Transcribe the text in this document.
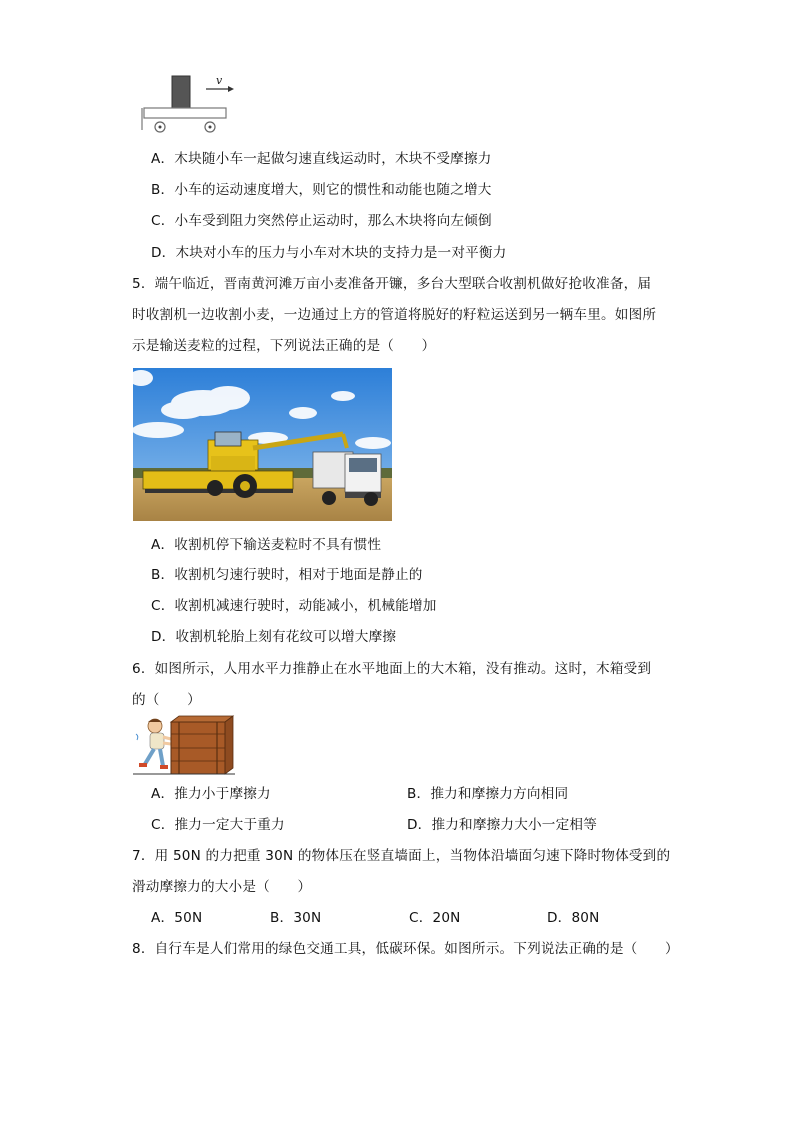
v
A．木块随小车一起做匀速直线运动时，木块不受摩擦力
B．小车的运动速度增大，则它的惯性和动能也随之增大
C．小车受到阻力突然停止运动时，那么木块将向左倾倒
D．木块对小车的压力与小车对木块的支持力是一对平衡力
5．端午临近，晋南黄河滩万亩小麦准备开镰，多台大型联合收割机做好抢收准备，届
时收割机一边收割小麦，一边通过上方的管道将脱好的籽粒运送到另一辆车里。如图所
示是输送麦粒的过程，下列说法正确的是（　　）
A．收割机停下输送麦粒时不具有惯性
B．收割机匀速行驶时，相对于地面是静止的
C．收割机减速行驶时，动能减小，机械能增加
D．收割机轮胎上刻有花纹可以增大摩擦
6．如图所示，人用水平力推静止在水平地面上的大木箱，没有推动。这时，木箱受到
的（　　）
A．推力小于摩擦力	B．推力和摩擦力方向相同
C．推力一定大于重力	D．推力和摩擦力大小一定相等
7．用 50N 的力把重 30N 的物体压在竖直墙面上，当物体沿墙面匀速下降时物体受到的
滑动摩擦力的大小是（　　）
A．50N	B．30N	C．20N	D．80N
8．自行车是人们常用的绿色交通工具，低碳环保。如图所示。下列说法正确的是（　　）
